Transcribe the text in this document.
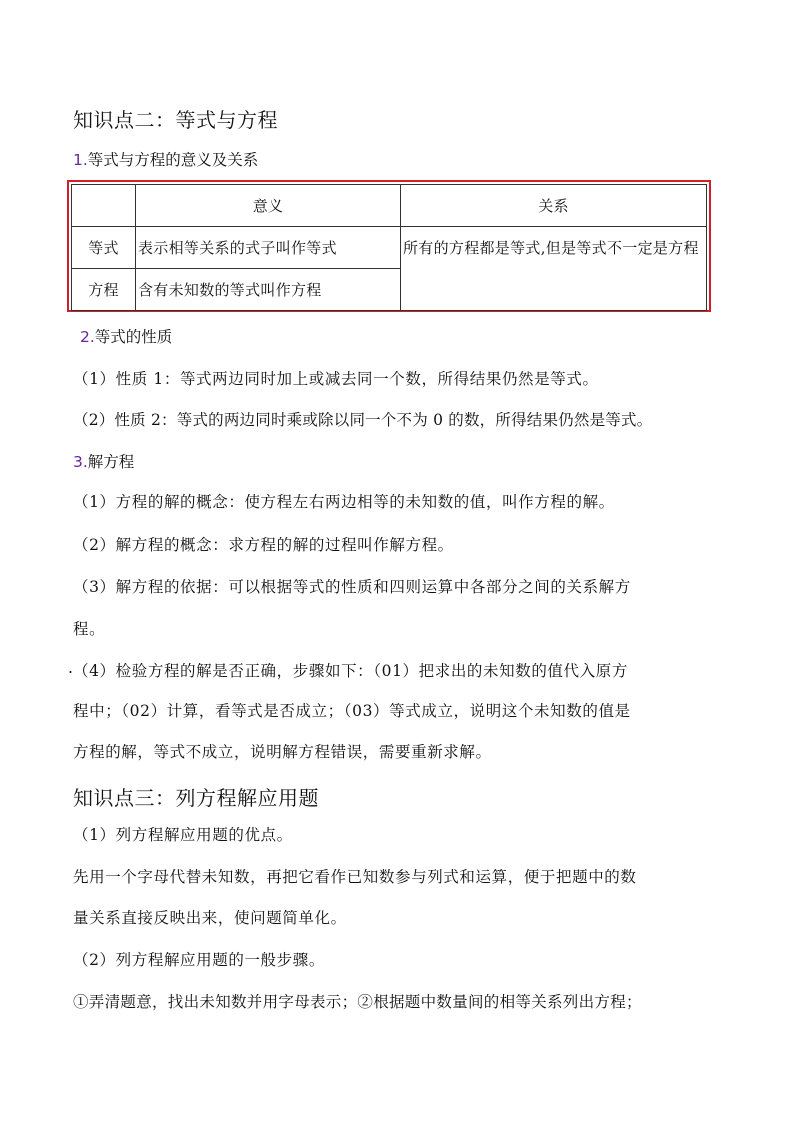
知识点二：等式与方程
1.等式与方程的意义及关系
	意义	关系
等式	表示相等关系的式子叫作等式	所有的方程都是等式,但是等式不一定是方程
方程	含有未知数的等式叫作方程	
2.等式的性质
（1）性质 1：等式两边同时加上或减去同一个数，所得结果仍然是等式。
（2）性质 2：等式的两边同时乘或除以同一个不为 0 的数，所得结果仍然是等式。
3.解方程
（1）方程的解的概念：使方程左右两边相等的未知数的值，叫作方程的解。
（2）解方程的概念：求方程的解的过程叫作解方程。
（3）解方程的依据：可以根据等式的性质和四则运算中各部分之间的关系解方
程。
. （4）检验方程的解是否正确，步骤如下：（01）把求出的未知数的值代入原方
程中；（02）计算，看等式是否成立；（03）等式成立，说明这个未知数的值是
方程的解，等式不成立，说明解方程错误，需要重新求解。
知识点三：列方程解应用题
（1）列方程解应用题的优点。
先用一个字母代替未知数，再把它看作已知数参与列式和运算，便于把题中的数
量关系直接反映出来，使问题简单化。
（2）列方程解应用题的一般步骤。
①弄清题意，找出未知数并用字母表示；②根据题中数量间的相等关系列出方程；
